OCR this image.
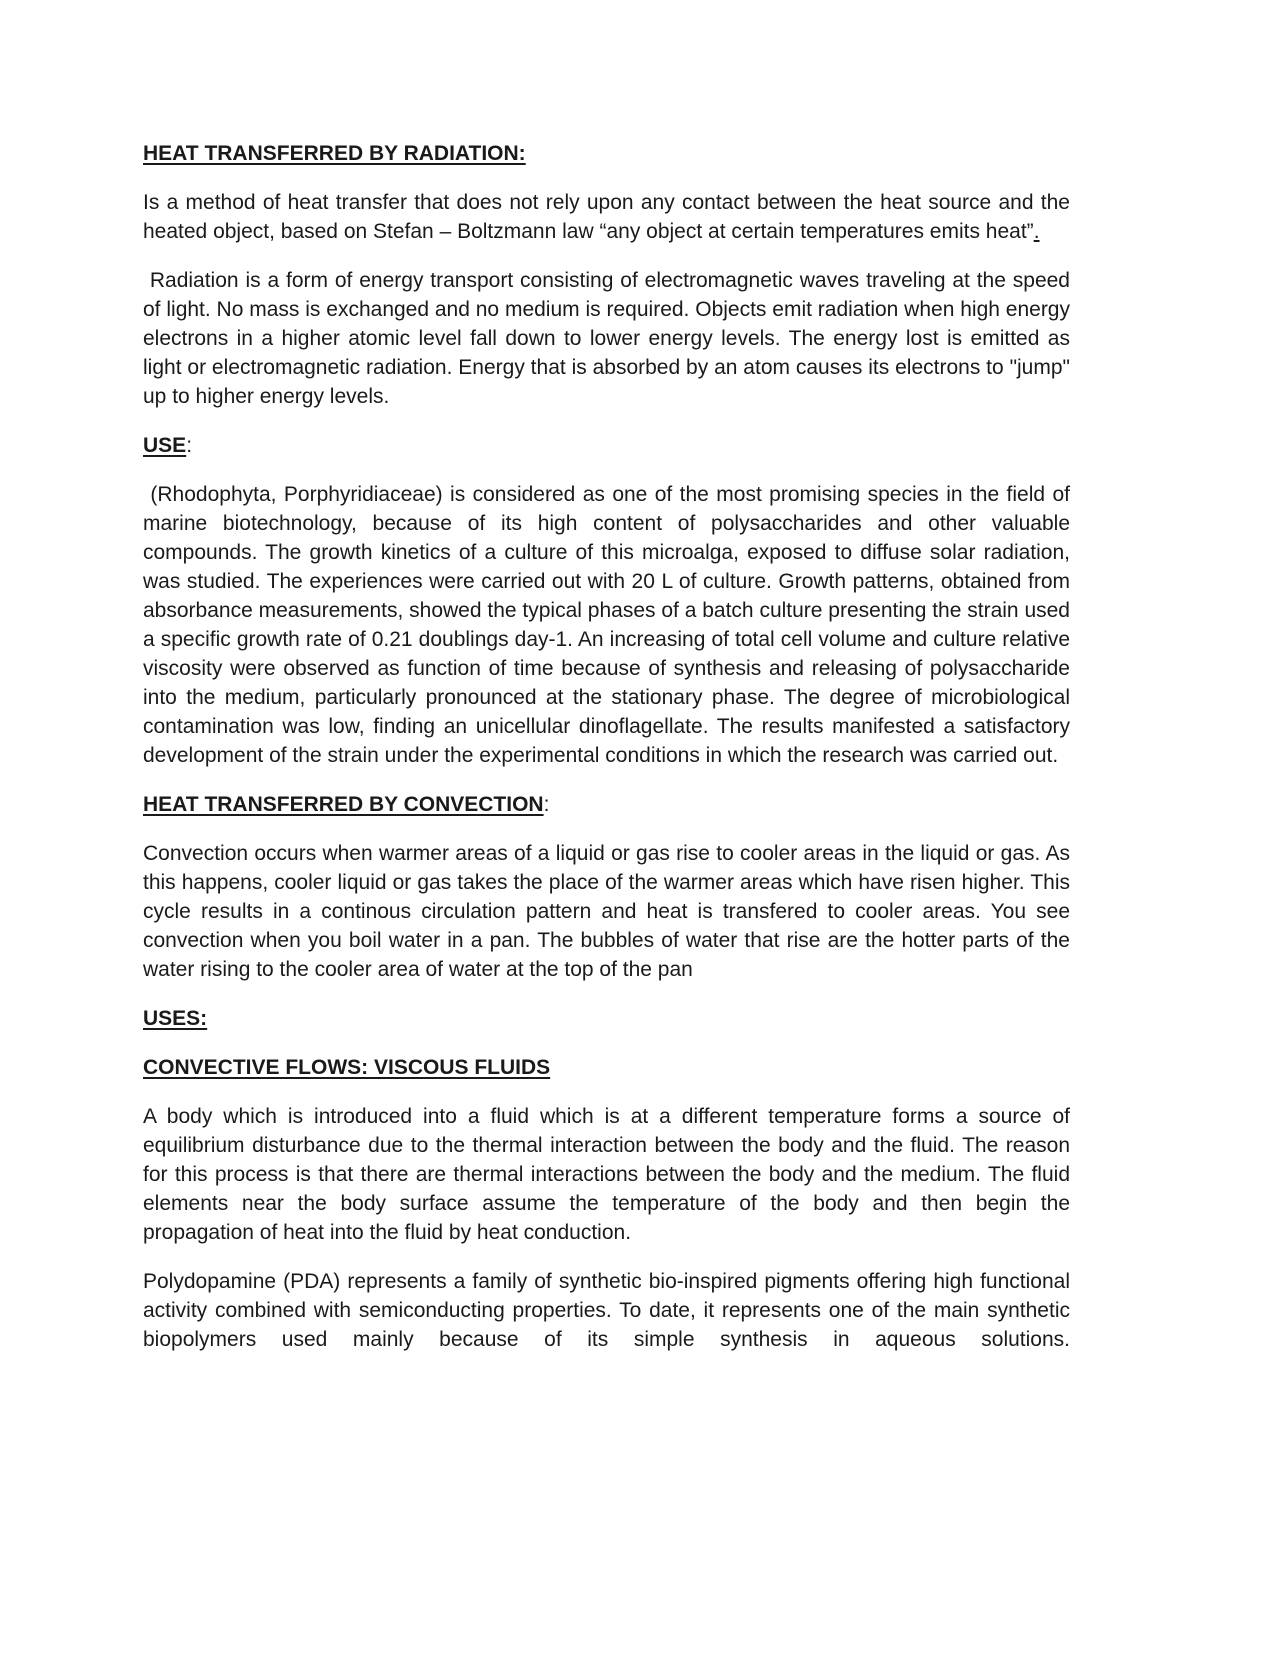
HEAT TRANSFERRED BY RADIATION:

Is a method of heat transfer that does not rely upon any contact between the heat source and the heated object, based on Stefan – Boltzmann law “any object at certain temperatures emits heat”.

Radiation is a form of energy transport consisting of electromagnetic waves traveling at the speed of light. No mass is exchanged and no medium is required. Objects emit radiation when high energy electrons in a higher atomic level fall down to lower energy levels. The energy lost is emitted as light or electromagnetic radiation. Energy that is absorbed by an atom causes its electrons to "jump" up to higher energy levels.

USE:

(Rhodophyta, Porphyridiaceae) is considered as one of the most promising species in the field of marine biotechnology, because of its high content of polysaccharides and other valuable compounds. The growth kinetics of a culture of this microalga, exposed to diffuse solar radiation, was studied. The experiences were carried out with 20 L of culture. Growth patterns, obtained from absorbance measurements, showed the typical phases of a batch culture presenting the strain used a specific growth rate of 0.21 doublings day-1. An increasing of total cell volume and culture relative viscosity were observed as function of time because of synthesis and releasing of polysaccharide into the medium, particularly pronounced at the stationary phase. The degree of microbiological contamination was low, finding an unicellular dinoflagellate. The results manifested a satisfactory development of the strain under the experimental conditions in which the research was carried out.

HEAT TRANSFERRED BY CONVECTION:

Convection occurs when warmer areas of a liquid or gas rise to cooler areas in the liquid or gas. As this happens, cooler liquid or gas takes the place of the warmer areas which have risen higher. This cycle results in a continous circulation pattern and heat is transfered to cooler areas. You see convection when you boil water in a pan. The bubbles of water that rise are the hotter parts of the water rising to the cooler area of water at the top of the pan

USES:
CONVECTIVE FLOWS: VISCOUS FLUIDS

A body which is introduced into a fluid which is at a different temperature forms a source of equilibrium disturbance due to the thermal interaction between the body and the fluid. The reason for this process is that there are thermal interactions between the body and the medium. The fluid elements near the body surface assume the temperature of the body and then begin the propagation of heat into the fluid by heat conduction.

Polydopamine (PDA) represents a family of synthetic bio-inspired pigments offering high functional activity combined with semiconducting properties. To date, it represents one of the main synthetic biopolymers used mainly because of its simple synthesis in aqueous solutions.
